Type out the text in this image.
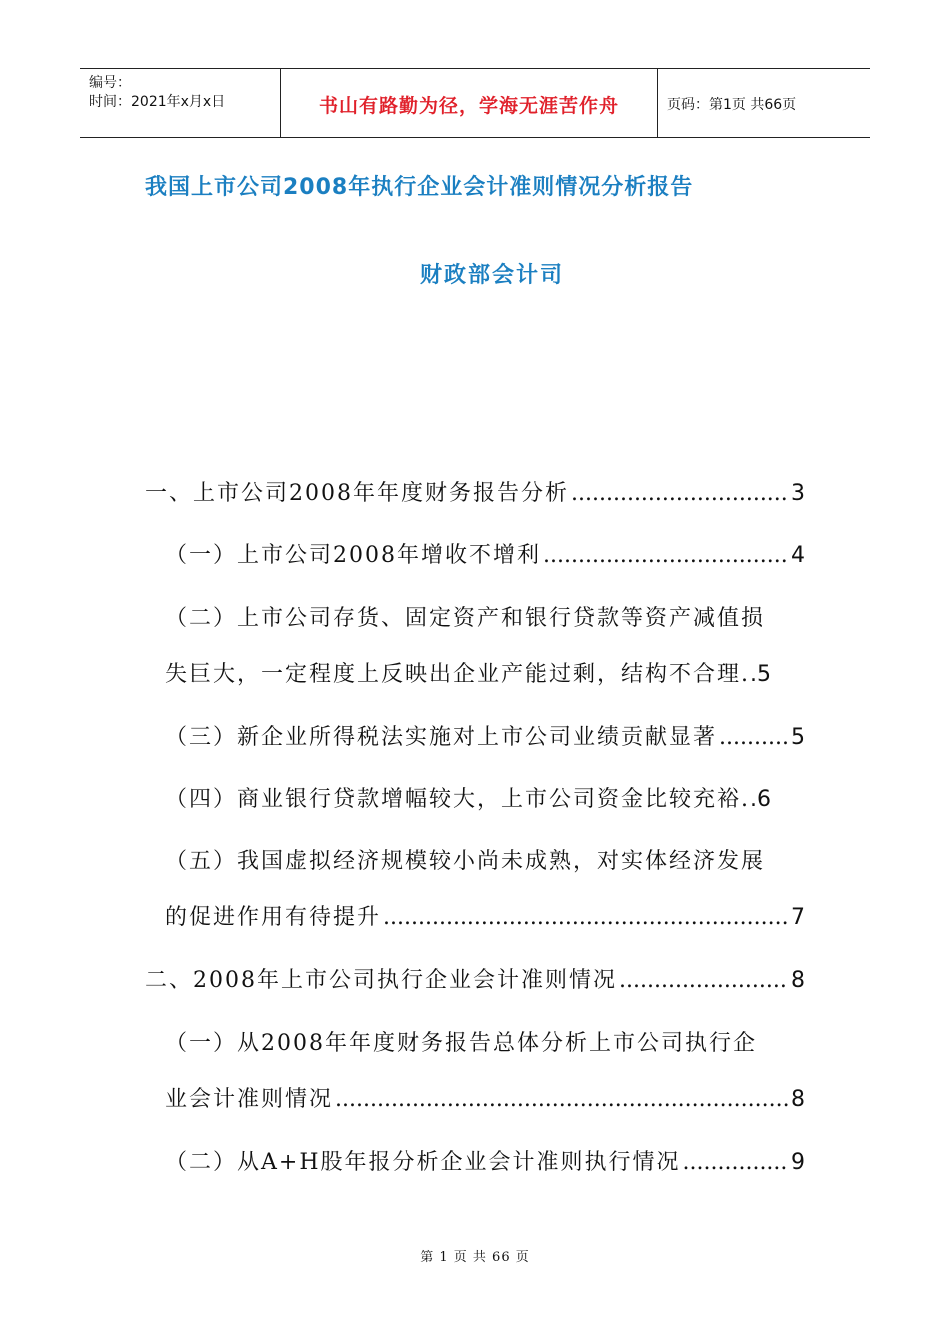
编号：
时间：2021年x月x日	书山有路勤为径，学海无涯苦作舟	页码：第1页 共66页
我国上市公司2008年执行企业会计准则情况分析报告
财政部会计司
一、上市公司2008年年度财务报告分析 .....	3
（一）上市公司2008年增收不增利 .....	4
（二）上市公司存货、固定资产和银行贷款等资产减值损
失巨大，一定程度上反映出企业产能过剩，结构不合理. . 5
（三）新企业所得税法实施对上市公司业绩贡献显著 .....	5
（四）商业银行贷款增幅较大，上市公司资金比较充裕. . 6
（五）我国虚拟经济规模较小尚未成熟，对实体经济发展
的促进作用有待提升 .....	7
二、2008年上市公司执行企业会计准则情况 .....	8
（一）从2008年年度财务报告总体分析上市公司执行企
业会计准则情况 .....	8
（二）从A+H股年报分析企业会计准则执行情况 .....	9
第 1 页 共 66 页
